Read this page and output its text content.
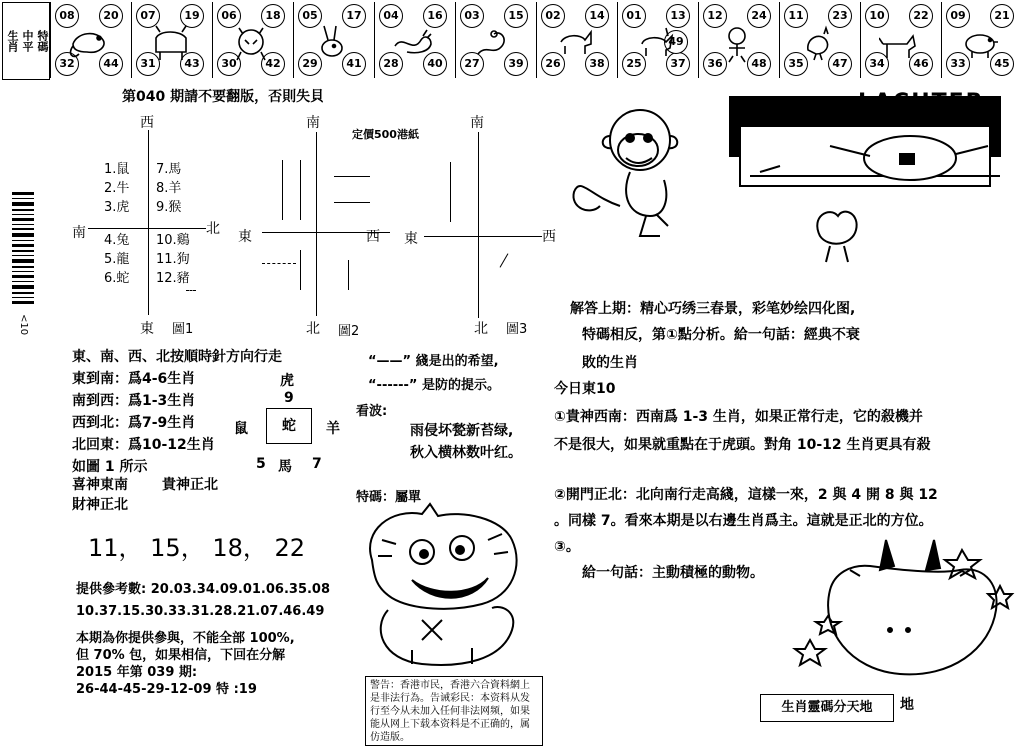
生肖 中平 特碼
08	20
32	44
07	19
31	43
06	18
30	42
05	17
29	41
04	16
28	40
03	15
27	39
02	14
26	38
01	13
25	37
49
12	24
36	48
11	23
35	47
10	22
34	46
09	21
33	45
第040 期請不要翻版，否則失貝
定價500港紙
<10
西
南	北
東 圖1
1.鼠
2.牛
3.虎
4.兔
5.龍
6.蛇
7.馬
8.羊
9.猴
10.鷄
11.狗
12.豬
南
東	西
北 圖2
南
東	西
北 圖3
東、南、西、北按順時針方向行走
東到南：爲4-6生肖
南到西：爲1-3生肖
西到北：爲7-9生肖
北回東：爲10-12生肖
如圖 1 所示
喜神東南 貴神正北
財神正北
虎
9
鼠	蛇	羊
5 馬 7
“——” 綫是出的希望,
“------” 是防的提示。
看波:
雨侵坏甃新苔绿,
秋入横林数叶红。
特碼：屬單
11， 15， 18， 22
提供參考數: 20.03.34.09.01.06.35.08
10.37.15.30.33.31.28.21.07.46.49
本期為你提供參與，不能全部 100%,
但 70% 包，如果相信，下回在分解
2015 年第 039 期:
26-44-45-29-12-09 特 :19	警告：香港市民，香港六合資料網上是非法行為。告诫彩民：本资料从发行至今从未加入任何非法网频，如果能从网上下载本资料是不正确的，属仿造版。
解答上期：精心巧绣三春景，彩笔妙绘四化图,
特碼相反，第①點分析。給一句話：經典不衰
敗的生肖
今日東10
①貴神西南：西南爲 1-3 生肖，如果正常行走，它的殺機并
不是很大，如果就重點在于虎頭。對角 10-12 生肖更具有殺
②開門正北：北向南行走高綫，這樣一來，2 與 4 開 8 與 12
。同樣 7。看來本期是以右邊生肖爲主。這就是正北的方位。
③。
給一句話：主動積極的動物。
生肖靈碼分天地	地
